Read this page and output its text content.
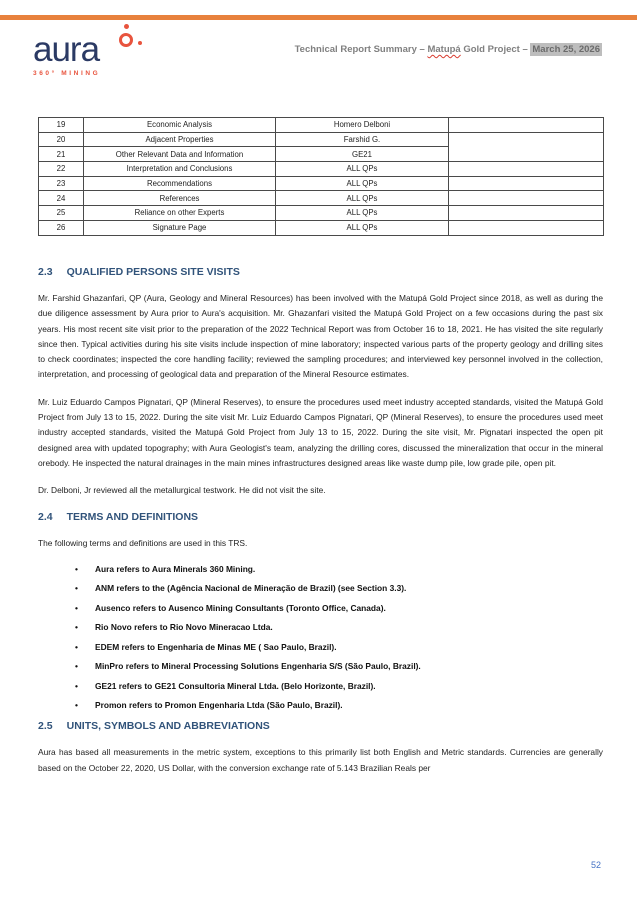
aura
360° MINING
Technical Report Summary – Matupá Gold Project – March 25, 2026
19	Economic Analysis	Homero Delboni	
20	Adjacent Properties	Farshid G.	
21	Other Relevant Data and Information	GE21	
22	Interpretation and Conclusions	ALL QPs	
23	Recommendations	ALL QPs	
24	References	ALL QPs	
25	Reliance on other Experts	ALL QPs	
26	Signature Page	ALL QPs	
2.3 QUALIFIED PERSONS SITE VISITS

Mr. Farshid Ghazanfari, QP (Aura, Geology and Mineral Resources) has been involved with the Matupá Gold Project since 2018, as well as during the due diligence assessment by Aura prior to Aura's acquisition. Mr. Ghazanfari visited the Matupá Gold Project on a few occasions during the past six years. His most recent site visit prior to the preparation of the 2022 Technical Report was from October 16 to 18, 2021. He has visited the site regularly since then. Typical activities during his site visits include inspection of mine laboratory; inspected various parts of the property geology and drilling sites to check coordinates; inspected the core handling facility; reviewed the sampling procedures; and interviewed key personnel involved in the collection, interpretation, and processing of geological data and preparation of the Mineral Resource estimates.

Mr. Luiz Eduardo Campos Pignatari, QP (Mineral Reserves), to ensure the procedures used meet industry accepted standards, visited the Matupá Gold Project from July 13 to 15, 2022. During the site visit Mr. Luiz Eduardo Campos Pignatari, QP (Mineral Reserves), to ensure the procedures used meet industry accepted standards, visited the Matupá Gold Project from July 13 to 15, 2022. During the site visit, Mr. Pignatari inspected the open pit designed area with updated topography; with Aura Geologist's team, analyzing the drilling cores, discussed the mineralization that occur in the mineral orebody. He inspected the natural drainages in the main mines infrastructures designed areas like waste dump pile, low grade pile, open pit.

Dr. Delboni, Jr reviewed all the metallurgical testwork. He did not visit the site.

2.4 TERMS AND DEFINITIONS

The following terms and definitions are used in this TRS.

•	Aura refers to Aura Minerals 360 Mining.
•	ANM refers to the (Agência Nacional de Mineração de Brazil) (see Section 3.3).
•	Ausenco refers to Ausenco Mining Consultants (Toronto Office, Canada).
•	Rio Novo refers to Rio Novo Mineracao Ltda.
•	EDEM refers to Engenharia de Minas ME ( Sao Paulo, Brazil).
•	MinPro refers to Mineral Processing Solutions Engenharia S/S (São Paulo, Brazil).
•	GE21 refers to GE21 Consultoria Mineral Ltda. (Belo Horizonte, Brazil).
•	Promon refers to Promon Engenharia Ltda (São Paulo, Brazil).
2.5 UNITS, SYMBOLS AND ABBREVIATIONS

Aura has based all measurements in the metric system, exceptions to this primarily list both English and Metric standards. Currencies are generally based on the October 22, 2020, US Dollar, with the conversion exchange rate of 5.143 Brazilian Reals per

52
